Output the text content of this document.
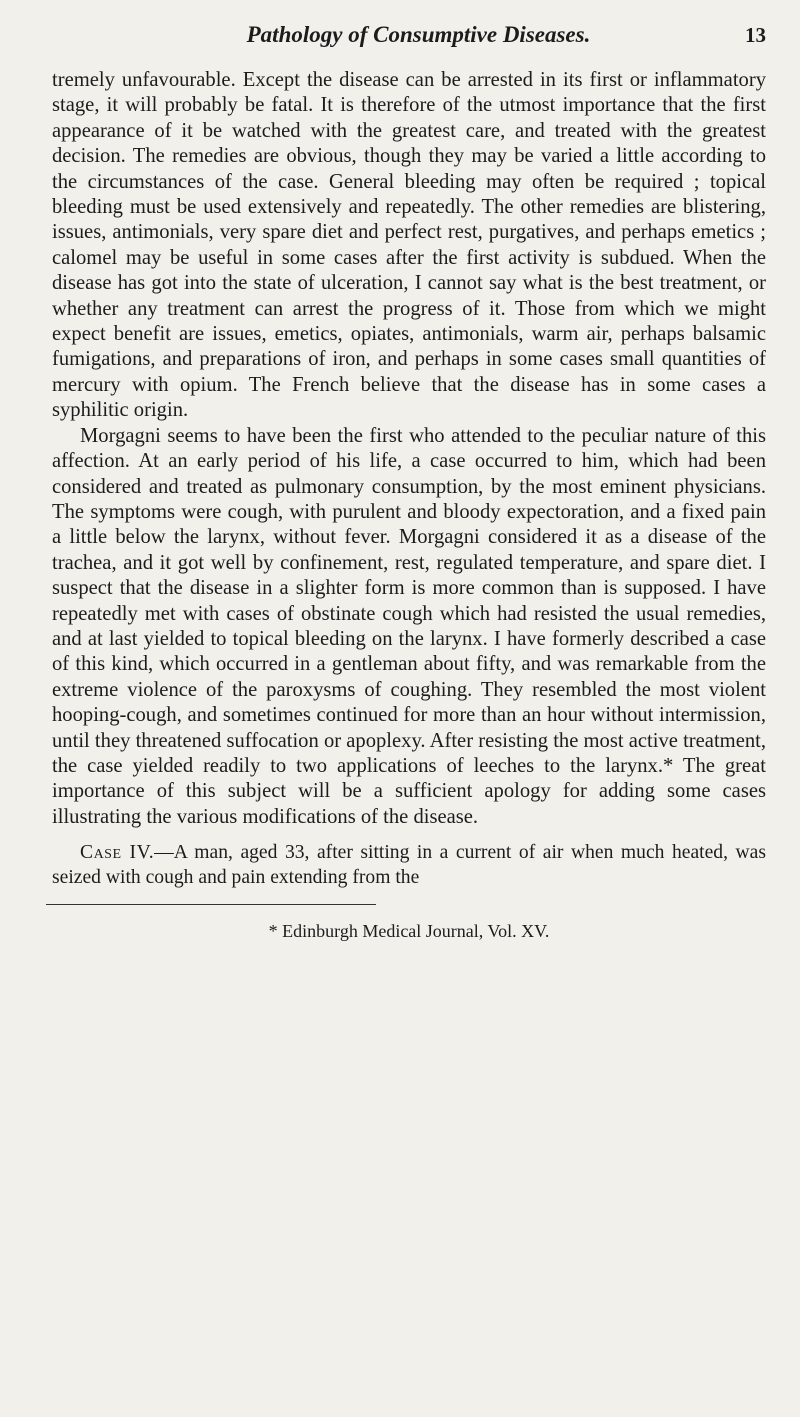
Pathology of Consumptive Diseases.	13

tremely unfavourable. Except the disease can be arrested in its first or inflammatory stage, it will probably be fatal. It is therefore of the utmost importance that the first appearance of it be watched with the greatest care, and treated with the greatest decision. The remedies are obvious, though they may be varied a little according to the circumstances of the case. General bleeding may often be required ; topical bleeding must be used extensively and repeatedly. The other remedies are blistering, issues, antimonials, very spare diet and perfect rest, purgatives, and perhaps emetics ; calomel may be useful in some cases after the first activity is subdued. When the disease has got into the state of ulceration, I cannot say what is the best treatment, or whether any treatment can arrest the progress of it. Those from which we might expect benefit are issues, emetics, opiates, antimonials, warm air, perhaps balsamic fumigations, and preparations of iron, and perhaps in some cases small quantities of mercury with opium. The French believe that the disease has in some cases a syphilitic origin.

Morgagni seems to have been the first who attended to the peculiar nature of this affection. At an early period of his life, a case occurred to him, which had been considered and treated as pulmonary consumption, by the most eminent physicians. The symptoms were cough, with purulent and bloody expectoration, and a fixed pain a little below the larynx, without fever. Morgagni considered it as a disease of the trachea, and it got well by confinement, rest, regulated temperature, and spare diet. I suspect that the disease in a slighter form is more common than is supposed. I have repeatedly met with cases of obstinate cough which had resisted the usual remedies, and at last yielded to topical bleeding on the larynx. I have formerly described a case of this kind, which occurred in a gentleman about fifty, and was remarkable from the extreme violence of the paroxysms of coughing. They resembled the most violent hooping-cough, and sometimes continued for more than an hour without intermission, until they threatened suffocation or apoplexy. After resisting the most active treatment, the case yielded readily to two applications of leeches to the larynx.* The great importance of this subject will be a sufficient apology for adding some cases illustrating the various modifications of the disease.

Case IV.—A man, aged 33, after sitting in a current of air when much heated, was seized with cough and pain extending from the

* Edinburgh Medical Journal, Vol. XV.
